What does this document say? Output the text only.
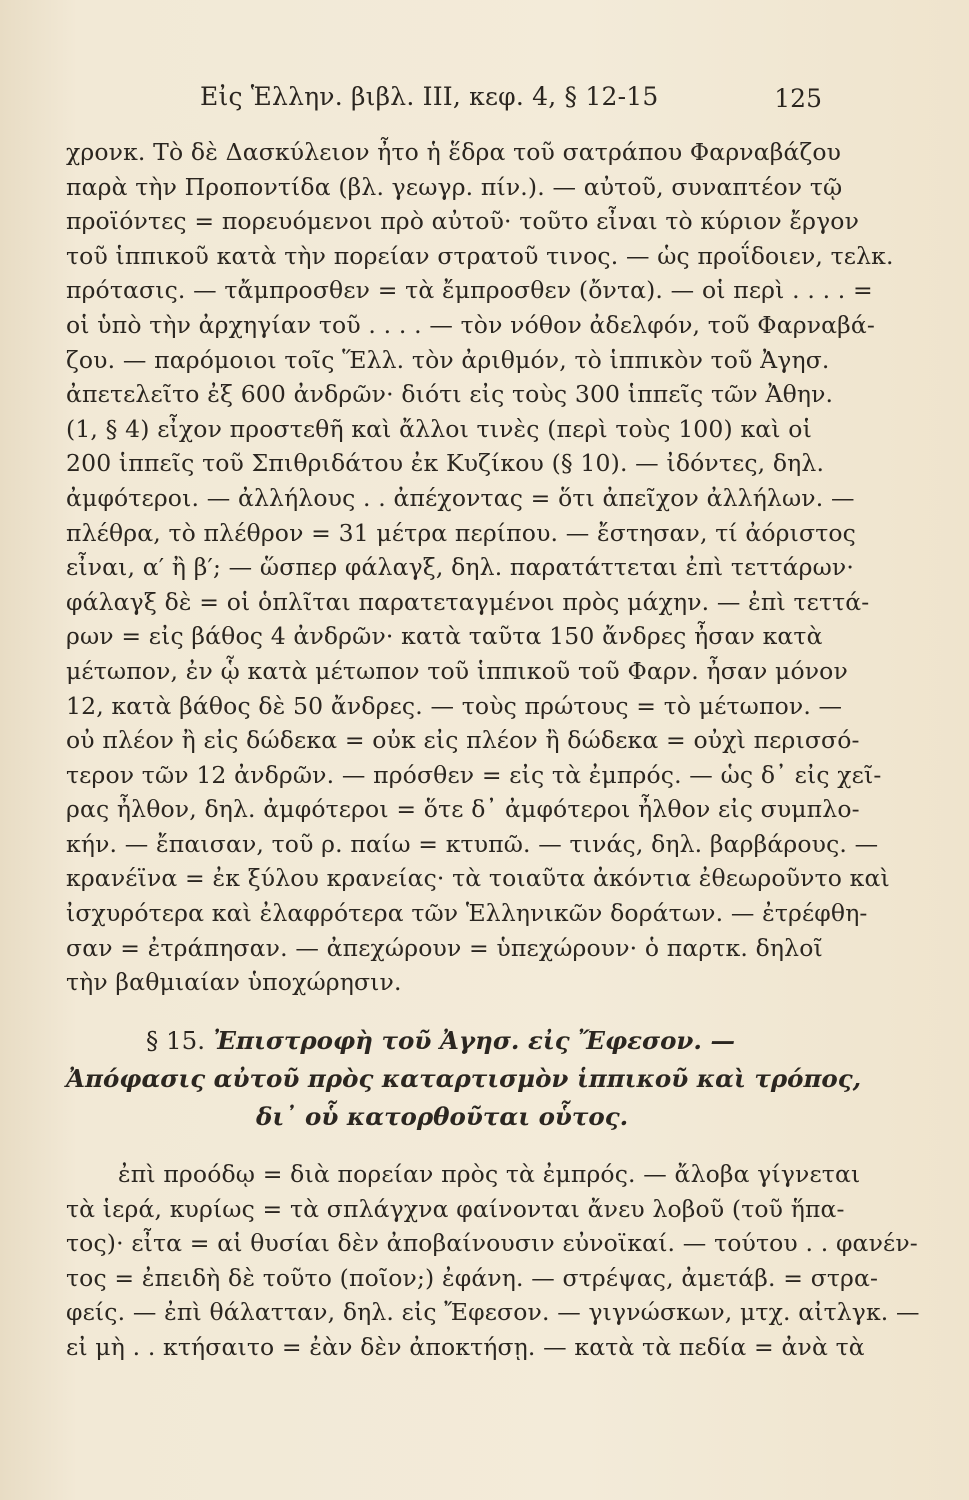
Εἰς Ἑλλην. βιβλ. III, κεφ. 4, § 12-15	125
χρονκ. Τὸ δὲ Δασκύλειον ἦτο ἡ ἕδρα τοῦ σατράπου Φαρναβάζου
παρὰ τὴν Προποντίδα (βλ. γεωγρ. πίν.). — αὐτοῦ, συναπτέον τῷ
προϊόντες = πορευόμενοι πρὸ αὐτοῦ· τοῦτο εἶναι τὸ κύριον ἔργον
τοῦ ἱππικοῦ κατὰ τὴν πορείαν στρατοῦ τινος. — ὡς προΐδοιεν, τελκ.
πρότασις. — τἄμπροσθεν = τὰ ἔμπροσθεν (ὄντα). — οἱ περὶ . . . . =
οἱ ὑπὸ τὴν ἀρχηγίαν τοῦ . . . . — τὸν νόθον ἀδελφόν, τοῦ Φαρναβά-
ζου. — παρόμοιοι τοῖς Ἕλλ. τὸν ἀριθμόν, τὸ ἱππικὸν τοῦ Ἀγησ.
ἀπετελεῖτο ἐξ 600 ἀνδρῶν· διότι εἰς τοὺς 300 ἱππεῖς τῶν Ἀθην.
(1, § 4) εἶχον προστεθῆ καὶ ἄλλοι τινὲς (περὶ τοὺς 100) καὶ οἱ
200 ἱππεῖς τοῦ Σπιθριδάτου ἐκ Κυζίκου (§ 10). — ἰδόντες, δηλ.
ἀμφότεροι. — ἀλλήλους . . ἀπέχοντας = ὅτι ἀπεῖχον ἀλλήλων. —
πλέθρα, τὸ πλέθρον = 31 μέτρα περίπου. — ἔστησαν, τί ἀόριστος
εἶναι, α′ ἢ β′; — ὥσπερ φάλαγξ, δηλ. παρατάττεται ἐπὶ τεττάρων·
φάλαγξ δὲ = οἱ ὁπλῖται παρατεταγμένοι πρὸς μάχην. — ἐπὶ τεττά-
ρων = εἰς βάθος 4 ἀνδρῶν· κατὰ ταῦτα 150 ἄνδρες ἦσαν κατὰ
μέτωπον, ἐν ᾧ κατὰ μέτωπον τοῦ ἱππικοῦ τοῦ Φαρν. ἦσαν μόνον
12, κατὰ βάθος δὲ 50 ἄνδρες. — τοὺς πρώτους = τὸ μέτωπον. —
οὐ πλέον ἢ εἰς δώδεκα = οὐκ εἰς πλέον ἢ δώδεκα = οὐχὶ περισσό-
τερον τῶν 12 ἀνδρῶν. — πρόσθεν = εἰς τὰ ἐμπρός. — ὡς δ᾽ εἰς χεῖ-
ρας ἦλθον, δηλ. ἀμφότεροι = ὅτε δ᾽ ἀμφότεροι ἦλθον εἰς συμπλο-
κήν. — ἔπαισαν, τοῦ ρ. παίω = κτυπῶ. — τινάς, δηλ. βαρβάρους. —
κρανέϊνα = ἐκ ξύλου κρανείας· τὰ τοιαῦτα ἀκόντια ἐθεωροῦντο καὶ
ἰσχυρότερα καὶ ἐλαφρότερα τῶν Ἑλληνικῶν δοράτων. — ἐτρέφθη-
σαν = ἐτράπησαν. — ἀπεχώρουν = ὑπεχώρουν· ὁ παρτκ. δηλοῖ
τὴν βαθμιαίαν ὑποχώρησιν.
§ 15. Ἐπιστροφὴ τοῦ Ἀγησ. εἰς Ἔφεσον. —
Ἀπόφασις αὐτοῦ πρὸς καταρτισμὸν ἱππικοῦ καὶ τρόπος,
δι᾽ οὗ κατορθοῦται οὗτος.
ἐπὶ προόδῳ = διὰ πορείαν πρὸς τὰ ἐμπρός. — ἄλοβα γίγνεται
τὰ ἱερά, κυρίως = τὰ σπλάγχνα φαίνονται ἄνευ λοβοῦ (τοῦ ἥπα-
τος)· εἶτα = αἱ θυσίαι δὲν ἀποβαίνουσιν εὐνοϊκαί. — τούτου . . φανέν-
τος = ἐπειδὴ δὲ τοῦτο (ποῖον;) ἐφάνη. — στρέψας, ἀμετάβ. = στρα-
φείς. — ἐπὶ θάλατταν, δηλ. εἰς Ἔφεσον. — γιγνώσκων, μτχ. αἰτλγκ. —
εἰ μὴ . . κτήσαιτο = ἐὰν δὲν ἀποκτήσῃ. — κατὰ τὰ πεδία = ἀνὰ τὰ
